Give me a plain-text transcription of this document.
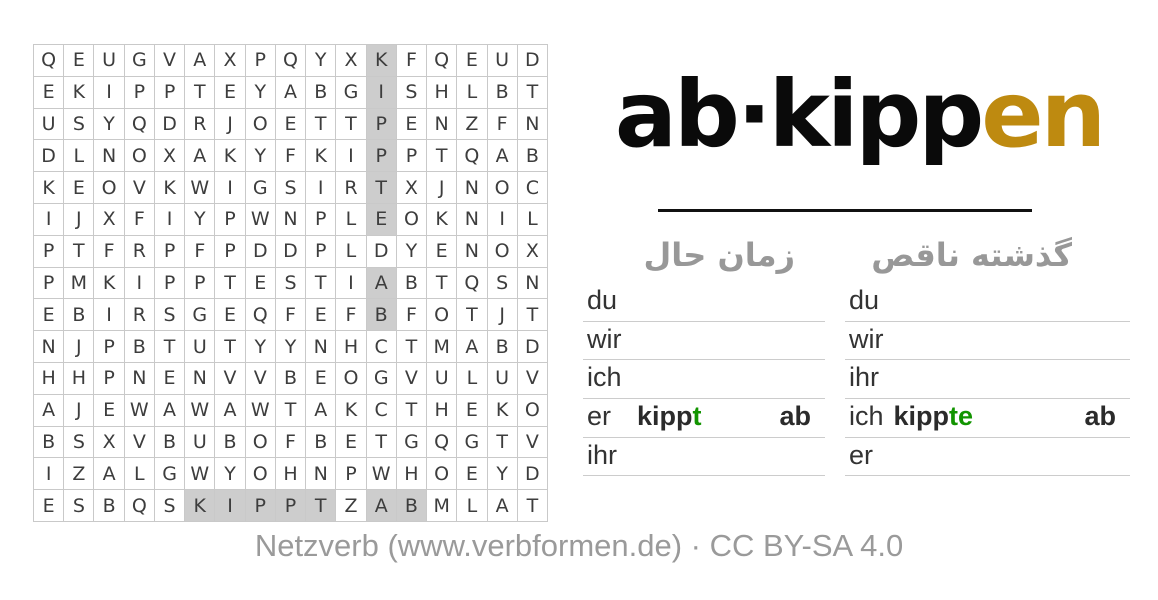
Q E U G V A X P Q Y X K F Q E U D
E K	I	P P T E Y A B G	I	S H L B T
U S Y Q D R	J	O E T T P E N Z F N
D L N O X A K Y F K	I	P P T Q A B
K E O V K W I	G S	I	R T X	J	N O C
I	J	X F	I	Y P W N P	L E O K N	I	L
P T F R P	F	P D D P	L D Y E N O X
P M K	I	P P T E S T	I	A B T Q S N
E B	I	R S G E Q F E F B F O T	J	T
N	J	P B T U T Y Y N H C T M A B D
H H P N E N V V B E O G V U L U V
A	J	E W A W A W T A K C T H E K O
B S X V B U B O F B E T G Q G T V
I	Z A L G W Y O H N P W H O E Y D
E S B Q S K	I	P P T Z A B M L A T
ab·kippen
زمان حال
du
wir
ich
er kippt	ab
ihr
گذشته ناقص
du
wir
ihr
ich kippte	ab
er
Netzverb (www.verbformen.de) · CC BY-SA 4.0
